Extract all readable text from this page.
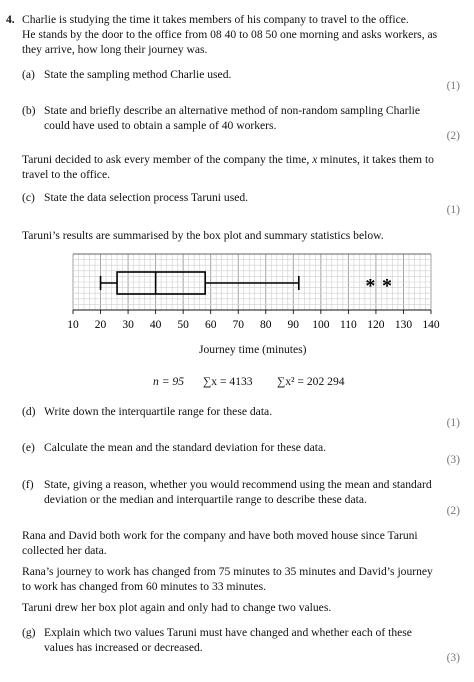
4. Charlie is studying the time it takes members of his company to travel to the office.
He stands by the door to the office from 08 40 to 08 50 one morning and asks workers, as
they arrive, how long their journey was.
(a) State the sampling method Charlie used.
(1)
(b) State and briefly describe an alternative method of non-random sampling Charlie
could have used to obtain a sample of 40 workers.
(2)
Taruni decided to ask every member of the company the time, x minutes, it takes them to
travel to the office.
(c) State the data selection process Taruni used.
(1)
Taruni’s results are summarised by the box plot and summary statistics below.
10 20 30 40 50 60 70 80 90 100 110 120 130 140
* *
Journey time (minutes)
n = 95 ∑x = 4133 ∑x² = 202 294
(d) Write down the interquartile range for these data.
(1)
(e) Calculate the mean and the standard deviation for these data.
(3)
(f) State, giving a reason, whether you would recommend using the mean and standard
deviation or the median and interquartile range to describe these data.
(2)
Rana and David both work for the company and have both moved house since Taruni
collected her data.
Rana’s journey to work has changed from 75 minutes to 35 minutes and David’s journey
to work has changed from 60 minutes to 33 minutes.
Taruni drew her box plot again and only had to change two values.
(g) Explain which two values Taruni must have changed and whether each of these
values has increased or decreased.
(3)
